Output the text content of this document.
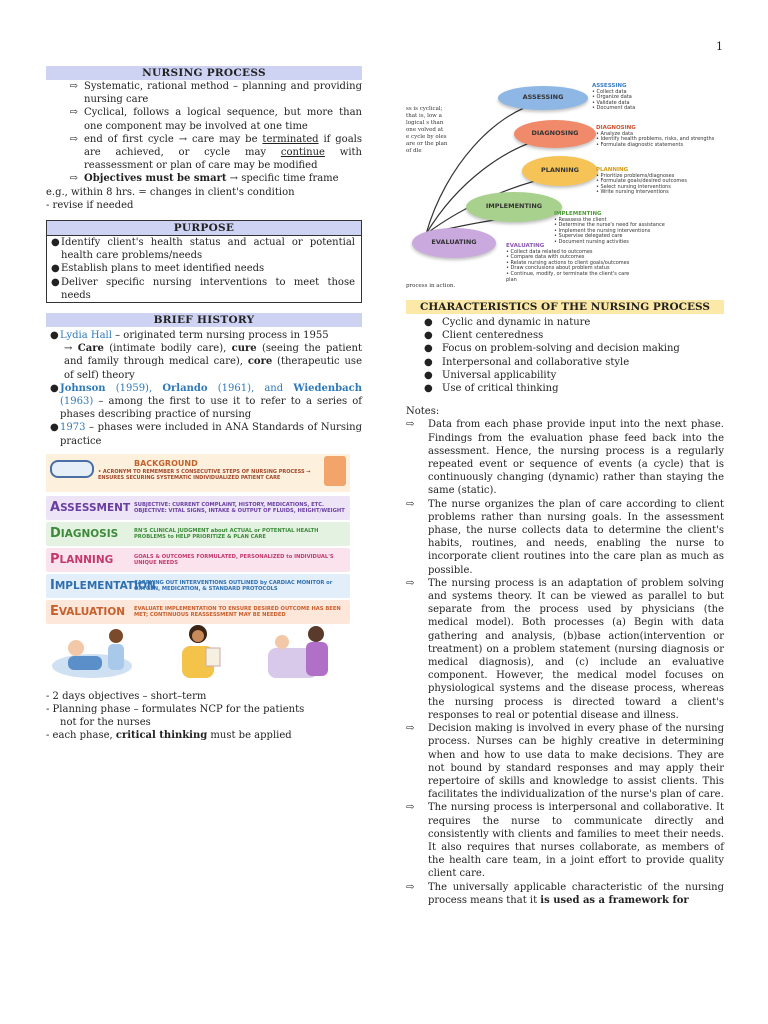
1
NURSING PROCESS
⇨ Systematic, rational method – planning and providing nursing care
⇨ Cyclical, follows a logical sequence, but more than one component may be involved at one time
⇨ end of first cycle → care may be terminated if goals are achieved, or cycle may continue with reassessment or plan of care may be modified
⇨ Objectives must be smart → specific time frame
e.g., within 8 hrs. = changes in client's condition
- revise if needed
PURPOSE
● Identify client's health status and actual or potential health care problems/needs
● Establish plans to meet identified needs
● Deliver specific nursing interventions to meet those needs
BRIEF HISTORY
● Lydia Hall – originated term nursing process in 1955
→ Care (intimate bodily care), cure (seeing the patient and family through medical care), core (therapeutic use of self) theory
● Johnson (1959), Orlando (1961), and Wiedenbach (1963) – among the first to use it to refer to a series of phases describing practice of nursing
● 1973 – phases were included in ANA Standards of Nursing practice
BACKGROUND
• ACRONYM TO REMEMBER 5 CONSECUTIVE STEPS OF NURSING PROCESS → ENSURES SECURING SYSTEMATIC INDIVIDUALIZED PATIENT CARE
ASSESSMENT SUBJECTIVE: CURRENT COMPLAINT, HISTORY, MEDICATIONS, ETC. OBJECTIVE: VITAL SIGNS, INTAKE & OUTPUT OF FLUIDS, HEIGHT/WEIGHT
DIAGNOSIS	RN'S CLINICAL JUDGMENT about ACTUAL or POTENTIAL HEALTH PROBLEMS to HELP PRIORITIZE & PLAN CARE
PLANNING	GOALS & OUTCOMES FORMULATED, PERSONALIZED to INDIVIDUAL'S UNIQUE NEEDS
IMPLEMENTATION
CARRYING OUT INTERVENTIONS OUTLINED by CARDIAC MONITOR or OXYGEN, MEDICATION, & STANDARD PROTOCOLS
EVALUATION	EVALUATE IMPLEMENTATION TO ENSURE DESIRED OUTCOME HAS BEEN MET; CONTINUOUS REASSESSMENT MAY BE NEEDED
- 2 days objectives – short–term
- Planning phase – formulates NCP for the patients
not for the nurses
- each phase, critical thinking must be applied
ss is cyclical; that is, low a logical s than one volved at e cycle by oles are or the plan of dle
process in action.
ASSESSING
ASSESSING
• Collect data
• Organize data
• Validate data
• Document data
DIAGNOSING
DIAGNOSING
• Analyze data
• Identify health problems, risks, and strengths
• Formulate diagnostic statements
PLANNING	PLANNING
• Prioritize problems/diagnoses
• Formulate goals/desired outcomes
• Select nursing interventions
• Write nursing interventions
IMPLEMENTING
IMPLEMENTING
• Reassess the client
• Determine the nurse's need for assistance
• Implement the nursing interventions
• Supervise delegated care
• Document nursing activities
EVALUATING	EVALUATING
• Collect data related to outcomes
• Compare data with outcomes
• Relate nursing actions to client goals/outcomes
• Draw conclusions about problem status
• Continue, modify, or terminate the client's care plan
CHARACTERISTICS OF THE NURSING PROCESS
● Cyclic and dynamic in nature
● Client centeredness
● Focus on problem-solving and decision making
● Interpersonal and collaborative style
● Universal applicability
● Use of critical thinking
Notes:
⇨	Data from each phase provide input into the next phase. Findings from the evaluation phase feed back into the assessment. Hence, the nursing process is a regularly repeated event or sequence of events (a cycle) that is continuously changing (dynamic) rather than staying the same (static).
⇨	The nurse organizes the plan of care according to client problems rather than nursing goals. In the assessment phase, the nurse collects data to determine the client's habits, routines, and needs, enabling the nurse to incorporate client routines into the care plan as much as possible.
⇨	The nursing process is an adaptation of problem solving and systems theory. It can be viewed as parallel to but separate from the process used by physicians (the medical model). Both processes (a) Begin with data gathering and analysis, (b)base action(intervention or treatment) on a problem statement (nursing diagnosis or medical diagnosis), and (c) include an evaluative component. However, the medical model focuses on physiological systems and the disease process, whereas the nursing process is directed toward a client's responses to real or potential disease and illness.
⇨	Decision making is involved in every phase of the nursing process. Nurses can be highly creative in determining when and how to use data to make decisions. They are not bound by standard responses and may apply their repertoire of skills and knowledge to assist clients. This facilitates the individualization of the nurse's plan of care.
⇨	The nursing process is interpersonal and collaborative. It requires the nurse to communicate directly and consistently with clients and families to meet their needs. It also requires that nurses collaborate, as members of the health care team, in a joint effort to provide quality client care.
⇨	The universally applicable characteristic of the nursing process means that it is used as a framework for
